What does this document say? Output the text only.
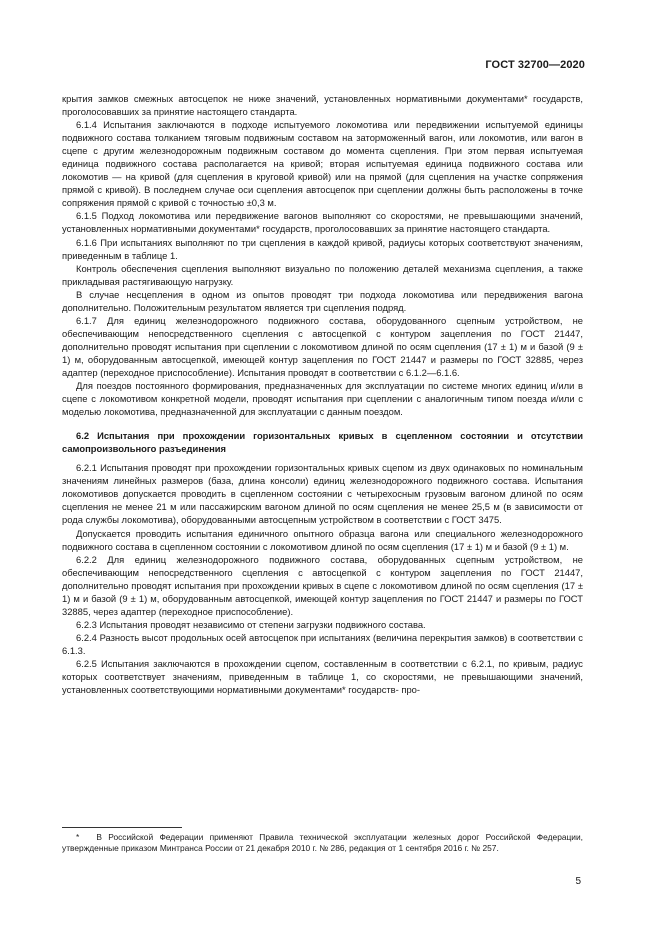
ГОСТ 32700—2020

крытия замков смежных автосцепок не ниже значений, установленных нормативными документами* государств, проголосовавших за принятие настоящего стандарта.

6.1.4 Испытания заключаются в подходе испытуемого локомотива или передвижении испытуемой единицы подвижного состава толканием тяговым подвижным составом на заторможенный вагон, или локомотив, или вагон в сцепе с другим железнодорожным подвижным составом до момента сцепления. При этом первая испытуемая единица подвижного состава располагается на кривой; вторая испытуемая единица подвижного состава или локомотив — на кривой (для сцепления в круговой кривой) или на прямой (для сцепления на участке сопряжения прямой с кривой). В последнем случае оси сцепления автосцепок при сцеплении должны быть расположены в точке сопряжения прямой с кривой с точностью ±0,3 м.

6.1.5 Подход локомотива или передвижение вагонов выполняют со скоростями, не превышающими значений, установленных нормативными документами* государств, проголосовавших за принятие настоящего стандарта.

6.1.6 При испытаниях выполняют по три сцепления в каждой кривой, радиусы которых соответствуют значениям, приведенным в таблице 1.

Контроль обеспечения сцепления выполняют визуально по положению деталей механизма сцепления, а также прикладывая растягивающую нагрузку.

В случае несцепления в одном из опытов проводят три подхода локомотива или передвижения вагона дополнительно. Положительным результатом является три сцепления подряд.

6.1.7 Для единиц железнодорожного подвижного состава, оборудованного сцепным устройством, не обеспечивающим непосредственного сцепления с автосцепкой с контуром зацепления по ГОСТ 21447, дополнительно проводят испытания при сцеплении с локомотивом длиной по осям сцепления (17 ± 1) м и базой (9 ± 1) м, оборудованным автосцепкой, имеющей контур зацепления по ГОСТ 21447 и размеры по ГОСТ 32885, через адаптер (переходное приспособление). Испытания проводят в соответствии с 6.1.2—6.1.6.

Для поездов постоянного формирования, предназначенных для эксплуатации по системе многих единиц и/или в сцепе с локомотивом конкретной модели, проводят испытания при сцеплении с аналогичным типом поезда и/или с моделью локомотива, предназначенной для эксплуатации с данным поездом.

6.2 Испытания при прохождении горизонтальных кривых в сцепленном состоянии и отсутствии самопроизвольного разъединения

6.2.1 Испытания проводят при прохождении горизонтальных кривых сцепом из двух одинаковых по номинальным значениям линейных размеров (база, длина консоли) единиц железнодорожного подвижного состава. Испытания локомотивов допускается проводить в сцепленном состоянии с четырехосным грузовым вагоном длиной по осям сцепления не менее 21 м или пассажирским вагоном длиной по осям сцепления не менее 25,5 м (в зависимости от рода службы локомотива), оборудованными автосцепным устройством в соответствии с ГОСТ 3475.

Допускается проводить испытания единичного опытного образца вагона или специального железнодорожного подвижного состава в сцепленном состоянии с локомотивом длиной по осям сцепления (17 ± 1) м и базой (9 ± 1) м.

6.2.2 Для единиц железнодорожного подвижного состава, оборудованных сцепным устройством, не обеспечивающим непосредственного сцепления с автосцепкой с контуром зацепления по ГОСТ 21447, дополнительно проводят испытания при прохождении кривых в сцепе с локомотивом длиной по осям сцепления (17 ± 1) м и базой (9 ± 1) м, оборудованным автосцепкой, имеющей контур зацепления по ГОСТ 21447 и размеры по ГОСТ 32885, через адаптер (переходное приспособление).

6.2.3 Испытания проводят независимо от степени загрузки подвижного состава.

6.2.4 Разность высот продольных осей автосцепок при испытаниях (величина перекрытия замков) в соответствии с 6.1.3.

6.2.5 Испытания заключаются в прохождении сцепом, составленным в соответствии с 6.2.1, по кривым, радиус которых соответствует значениям, приведенным в таблице 1, со скоростями, не превышающими значений, установленных соответствующими нормативными документами* государств- про-

* В Российской Федерации применяют Правила технической эксплуатации железных дорог Российской Федерации, утвержденные приказом Минтранса России от 21 декабря 2010 г. № 286, редакция от 1 сентября 2016 г. № 257.
5
